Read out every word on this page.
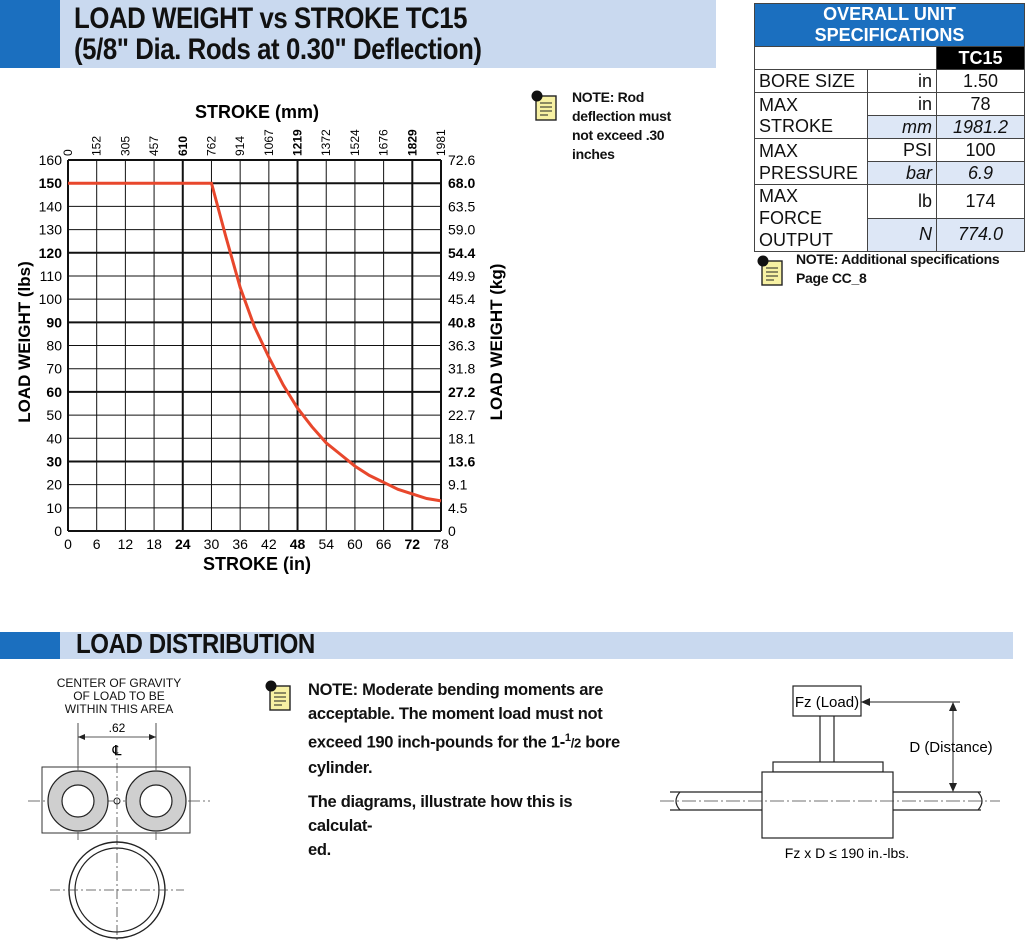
LOAD WEIGHT vs STROKE TC15
(5/8" Dia. Rods at 0.30" Deflection)
0
0
6
152
12
305
18
457
24
610
30
762
36
914
42
1067
48
1219
54
1372
60
1524
66
1676
72
1829
78
1981
0	0
10	4.5
20	9.1
30	13.6
40	18.1
50	22.7
60	27.2
70	31.8
80	36.3
90	40.8
100	45.4
110	49.9
120	54.4
130	59.0
140	63.5
150	68.0
160	72.6
STROKE (mm)
STROKE (in)
LOAD WEIGHT (lbs)	LOAD WEIGHT (kg)
NOTE: Rod deflection must not exceed .30 inches
OVERALL UNIT SPECIFICATIONS		
		TC15
BORE SIZE	in	1.50
MAX STROKE	in	78
	mm	1981.2
MAX
PRESSURE	PSI	100
	bar	6.9
MAX FORCE
OUTPUT	lb	174
	N	774.0
NOTE: Additional specifications
Page CC_8
LOAD DISTRIBUTION
CENTER OF GRAVITY
OF LOAD TO BE
WITHIN THIS AREA
.62
℄
NOTE: Moderate bending moments are
acceptable. The moment load must not
exceed 190 inch-pounds for the 1-$^1$/2 bore
cylinder.
The diagrams, illustrate how this is calculat-
ed.
Fz (Load)
D (Distance)
Fz x D ≤ 190 in.-lbs.
